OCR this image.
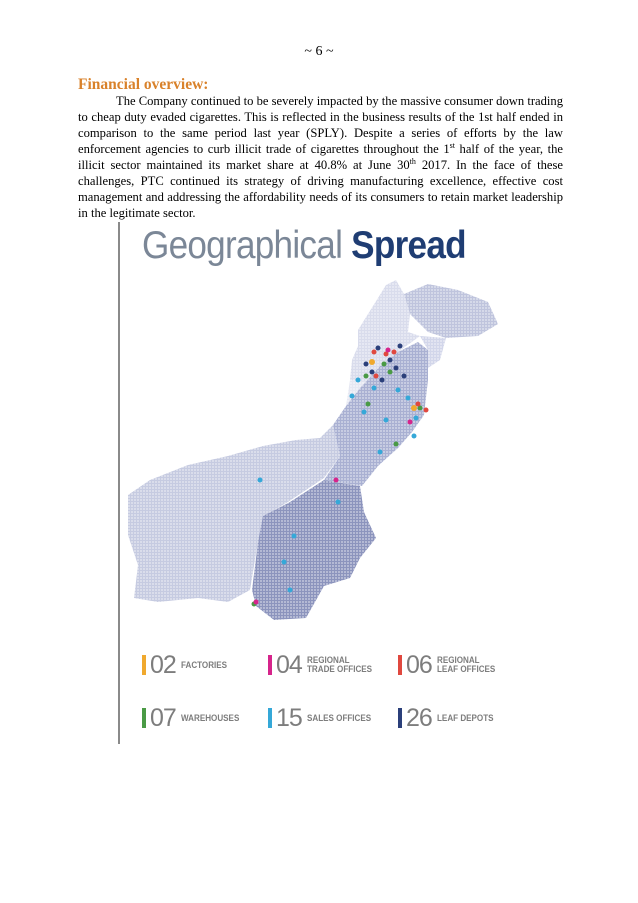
~ 6 ~
Financial overview:
The Company continued to be severely impacted by the massive consumer down trading to cheap duty evaded cigarettes. This is reflected in the business results of the 1st half ended in comparison to the same period last year (SPLY). Despite a series of efforts by the law enforcement agencies to curb illicit trade of cigarettes throughout the 1st half of the year, the illicit sector maintained its market share at 40.8% at June 30th 2017. In the face of these challenges, PTC continued its strategy of driving manufacturing excellence, effective cost management and addressing the affordability needs of its consumers to retain market leadership in the legitimate sector.
Geographical Spread
02 FACTORIES 04 REGIONAL
TRADE OFFICES 06 REGIONAL
LEAF OFFICES
07 WAREHOUSES 15 SALES OFFICES 26 LEAF DEPOTS
